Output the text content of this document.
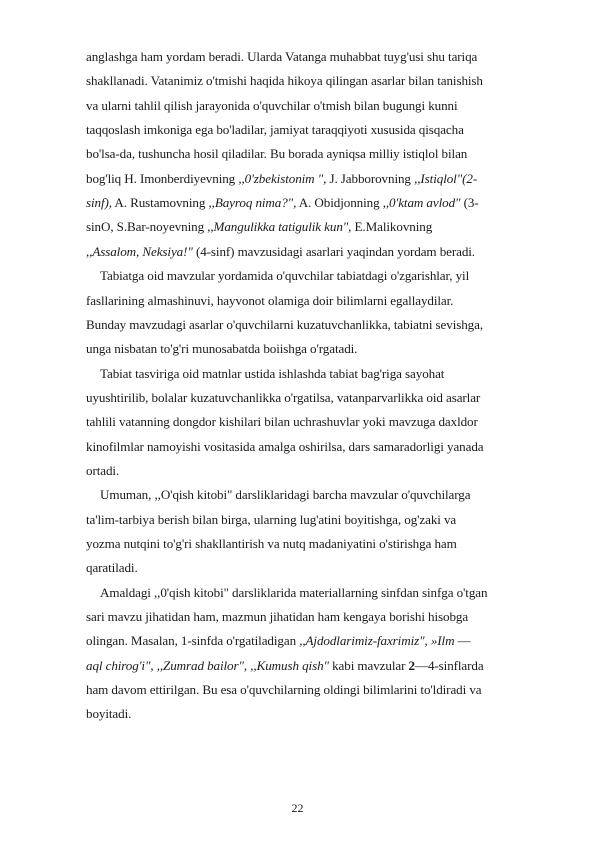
22
anglashga ham yordam beradi. Ularda Vatanga muhabbat tuyg'usi shu tariqa
shakllanadi. Vatanimiz o'tmishi haqida hikoya qilingan asarlar bilan tanishish
va ularni tahlil qilish jarayonida o'quvchilar o'tmish bilan bugungi kunni
taqqoslash imkoniga ega bo'ladilar, jamiyat taraqqiyoti xususida qisqacha
bo'lsa-da, tushuncha hosil qiladilar. Bu borada ayniqsa milliy istiqlol bilan
bog'liq H. Imonberdiyevning ,,0'zbekistonim ", J. Jabborovning ,,Istiqlol"(2-
sinf), A. Rustamovning ,,Bayroq nima?", A. Obidjonning ,,0'ktam avlod" (3-
sinO, S.Bar-noyevning ,,Mangulikka tatigulik kun", E.Malikovning
,,Assalom, Neksiya!" (4-sinf) mavzusidagi asarlari yaqindan yordam beradi.
Tabiatga oid mavzular yordamida o'quvchilar tabiatdagi o'zgarishlar, yil
fasllarining almashinuvi, hayvonot olamiga doir bilimlarni egallaydilar.
Bunday mavzudagi asarlar o'quvchilarni kuzatuvchanlikka, tabiatni sevishga,
unga nisbatan to'g'ri munosabatda boiishga o'rgatadi.
Tabiat tasviriga oid matnlar ustida ishlashda tabiat bag'riga sayohat
uyushtirilib, bolalar kuzatuvchanlikka o'rgatilsa, vatanparvarlikka oid asarlar
tahlili vatanning dongdor kishilari bilan uchrashuvlar yoki mavzuga daxldor
kinofilmlar namoyishi vositasida amalga oshirilsa, dars samaradorligi yanada
ortadi.
Umuman, ,,O'qish kitobi" darsliklaridagi barcha mavzular o'quvchilarga
ta'lim-tarbiya berish bilan birga, ularning lug'atini boyitishga, og'zaki va
yozma nutqini to'g'ri shakllantirish va nutq madaniyatini o'stirishga ham
qaratiladi.
Amaldagi ,,0'qish kitobi" darsliklarida materiallarning sinfdan sinfga o'tgan
sari mavzu jihatidan ham, mazmun jihatidan ham kengaya borishi hisobga
olingan. Masalan, 1-sinfda o'rgatiladigan ,,Ajdodlarimiz-faxrimiz", »Ilm —
aql chirog'i", ,,Zumrad bailor", ,,Kumush qish" kabi mavzular 2—4-sinflarda
ham davom ettirilgan. Bu esa o'quvchilarning oldingi bilimlarini to'ldiradi va
boyitadi.
